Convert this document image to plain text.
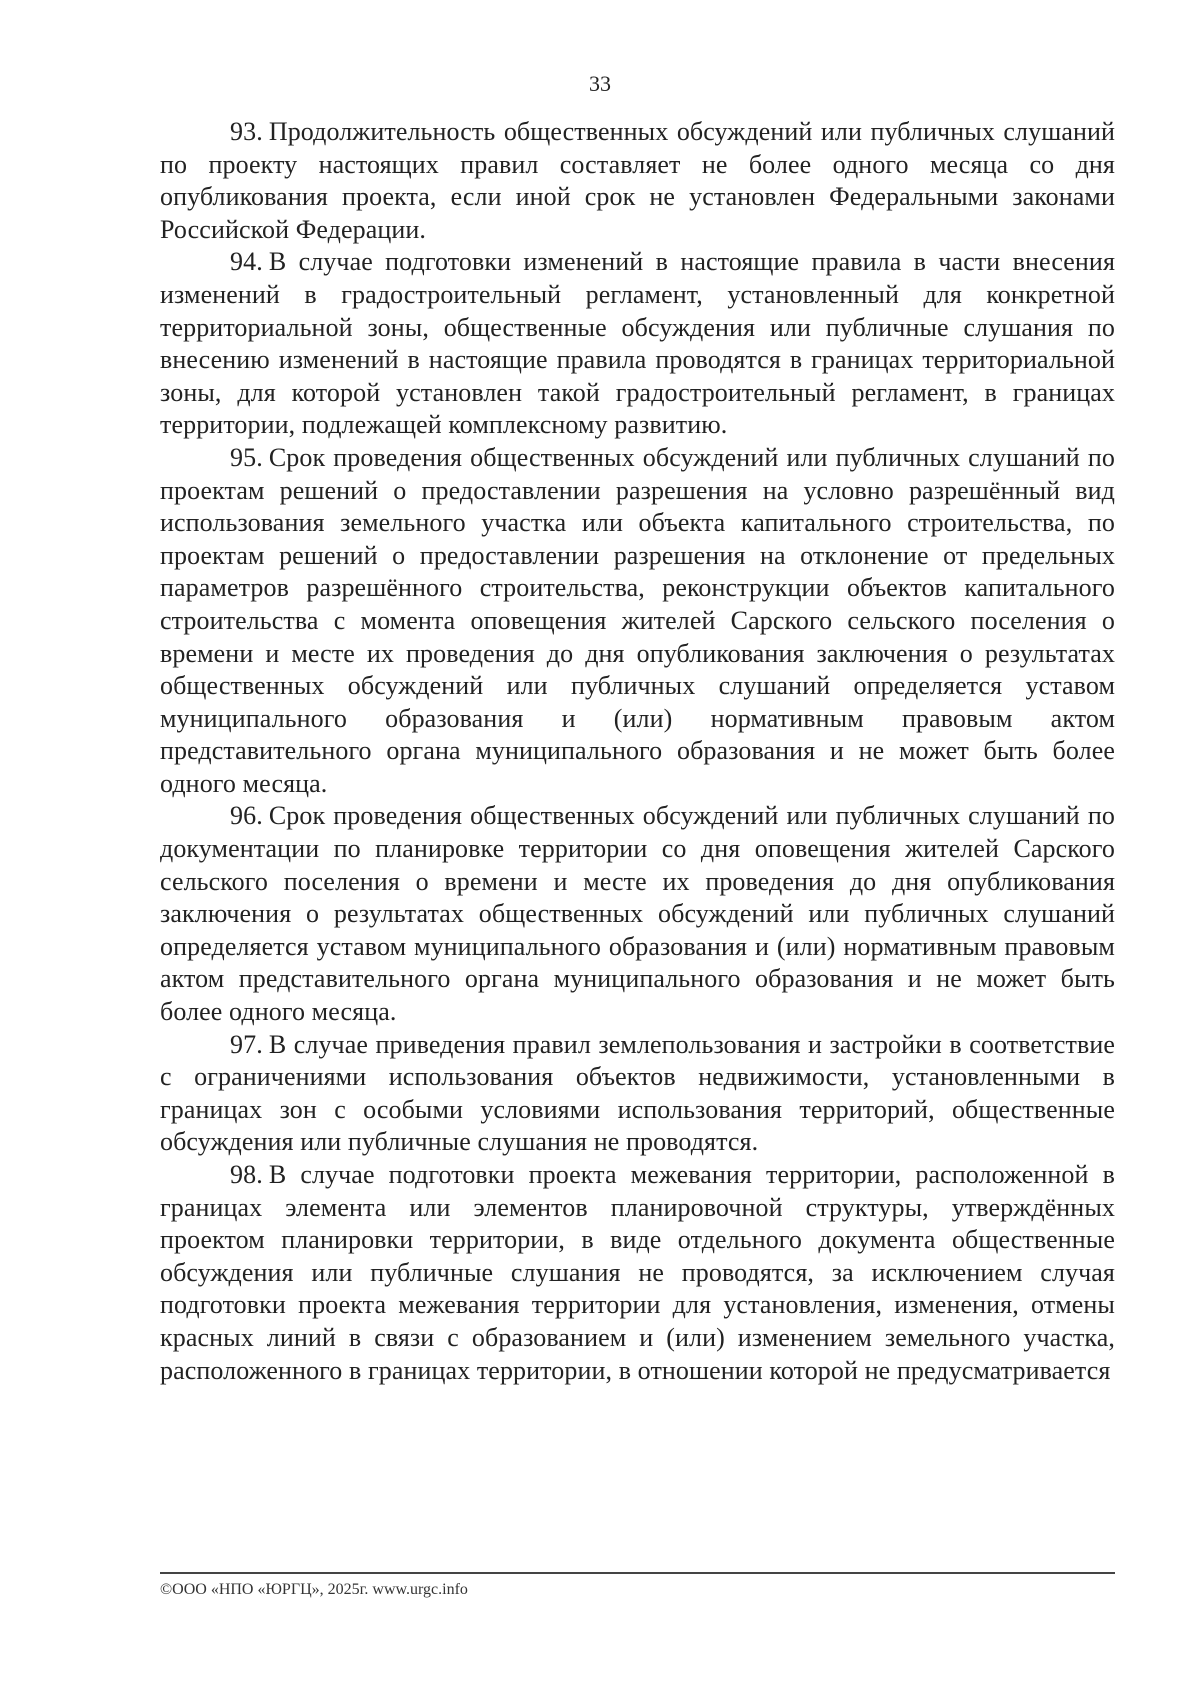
33

93. Продолжительность общественных обсуждений или публичных слушаний по проекту настоящих правил составляет не более одного месяца со дня опубликования проекта, если иной срок не установлен Федеральными законами Российской Федерации.

94. В случае подготовки изменений в настоящие правила в части внесения изменений в градостроительный регламент, установленный для конкретной территориальной зоны, общественные обсуждения или публичные слушания по внесению изменений в настоящие правила проводятся в границах территориальной зоны, для которой установлен такой градостроительный регламент, в границах территории, подлежащей комплексному развитию.

95. Срок проведения общественных обсуждений или публичных слушаний по проектам решений о предоставлении разрешения на условно разрешённый вид использования земельного участка или объекта капитального строительства, по проектам решений о предоставлении разрешения на отклонение от предельных параметров разрешённого строительства, реконструкции объектов капитального строительства с момента оповещения жителей Сарского сельского поселения о времени и месте их проведения до дня опубликования заключения о результатах общественных обсуждений или публичных слушаний определяется уставом муниципального образования и (или) нормативным правовым актом представительного органа муниципального образования и не может быть более одного месяца.

96. Срок проведения общественных обсуждений или публичных слушаний по документации по планировке территории со дня оповещения жителей Сарского сельского поселения о времени и месте их проведения до дня опубликования заключения о результатах общественных обсуждений или публичных слушаний определяется уставом муниципального образования и (или) нормативным правовым актом представительного органа муниципального образования и не может быть более одного месяца.

97. В случае приведения правил землепользования и застройки в соответствие с ограничениями использования объектов недвижимости, установленными в границах зон с особыми условиями использования территорий, общественные обсуждения или публичные слушания не проводятся.

98. В случае подготовки проекта межевания территории, расположенной в границах элемента или элементов планировочной структуры, утверждённых проектом планировки территории, в виде отдельного документа общественные обсуждения или публичные слушания не проводятся, за исключением случая подготовки проекта межевания территории для установления, изменения, отмены красных линий в связи с образованием и (или) изменением земельного участка, расположенного в границах территории, в отношении которой не предусматривается

©ООО «НПО «ЮРГЦ», 2025г. www.urgc.info
